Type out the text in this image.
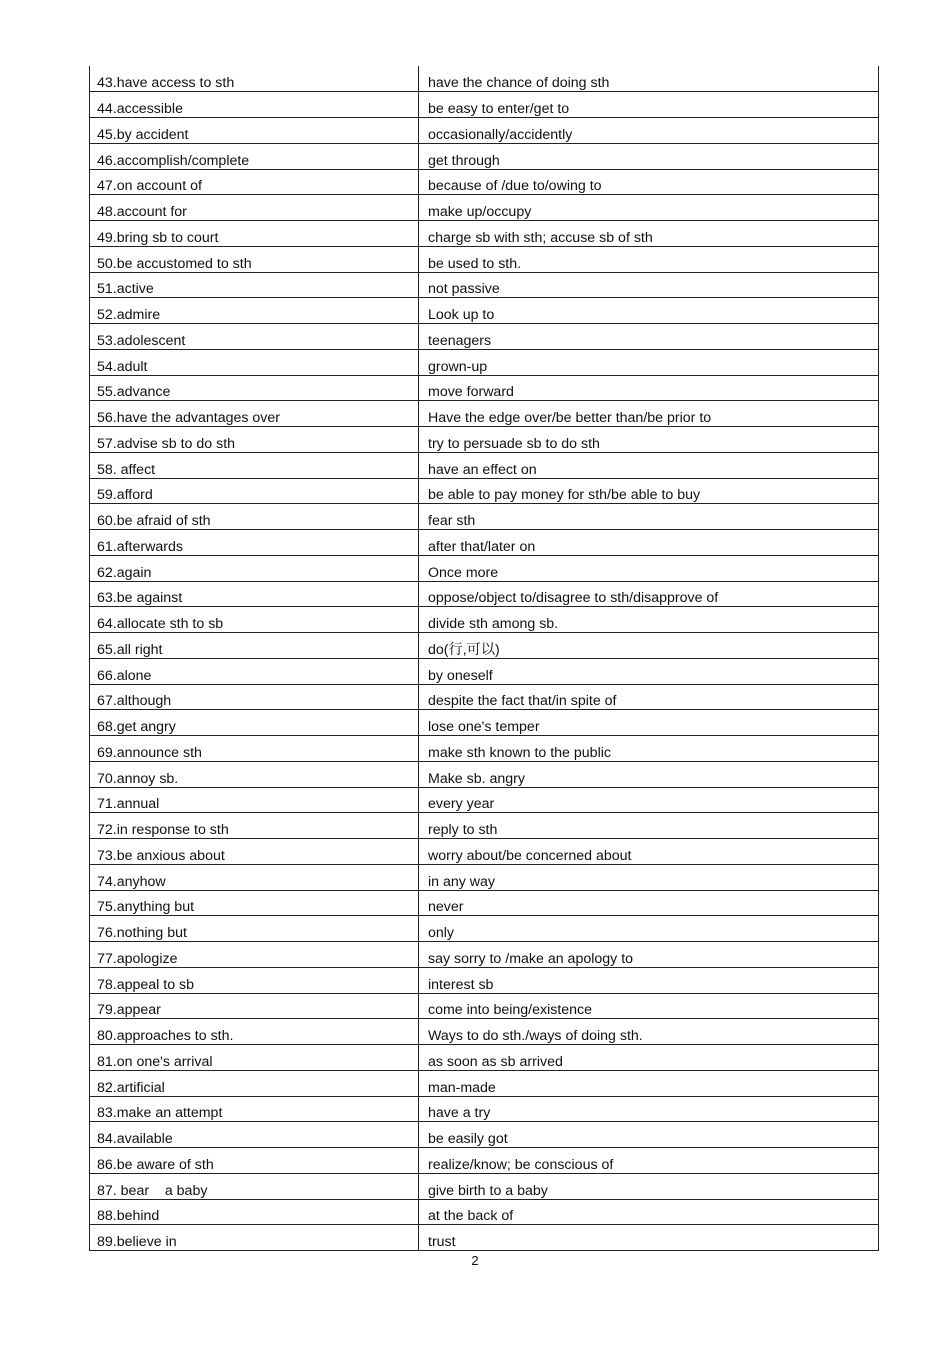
43.have access to sth	have the chance of doing sth
44.accessible	be easy to enter/get to
45.by accident	occasionally/accidently
46.accomplish/complete	get through
47.on account of	because of /due to/owing to
48.account for	make up/occupy
49.bring sb to court	charge sb with sth; accuse sb of sth
50.be accustomed to sth	be used to sth.
51.active	not passive
52.admire	Look up to
53.adolescent	teenagers
54.adult	grown-up
55.advance	move forward
56.have the advantages over	Have the edge over/be better than/be prior to
57.advise sb to do sth	try to persuade sb to do sth
58. affect	have an effect on
59.afford	be able to pay money for sth/be able to buy
60.be afraid of sth	fear sth
61.afterwards	after that/later on
62.again	Once more
63.be against	oppose/object to/disagree to sth/disapprove of
64.allocate sth to sb	divide sth among sb.
65.all right	do(行,可以)
66.alone	by oneself
67.although	despite the fact that/in spite of
68.get angry	lose one's temper
69.announce sth	make sth known to the public
70.annoy sb.	Make sb. angry
71.annual	every year
72.in response to sth	reply to sth
73.be anxious about	worry about/be concerned about
74.anyhow	in any way
75.anything but	never
76.nothing but	only
77.apologize	say sorry to /make an apology to
78.appeal to sb	interest sb
79.appear	come into being/existence
80.approaches to sth.	Ways to do sth./ways of doing sth.
81.on one's arrival	as soon as sb arrived
82.artificial	man-made
83.make an attempt	have a try
84.available	be easily got
86.be aware of sth	realize/know; be conscious of
87. bear    a baby	give birth to a baby
88.behind	at the back of
89.believe in	trust
2
